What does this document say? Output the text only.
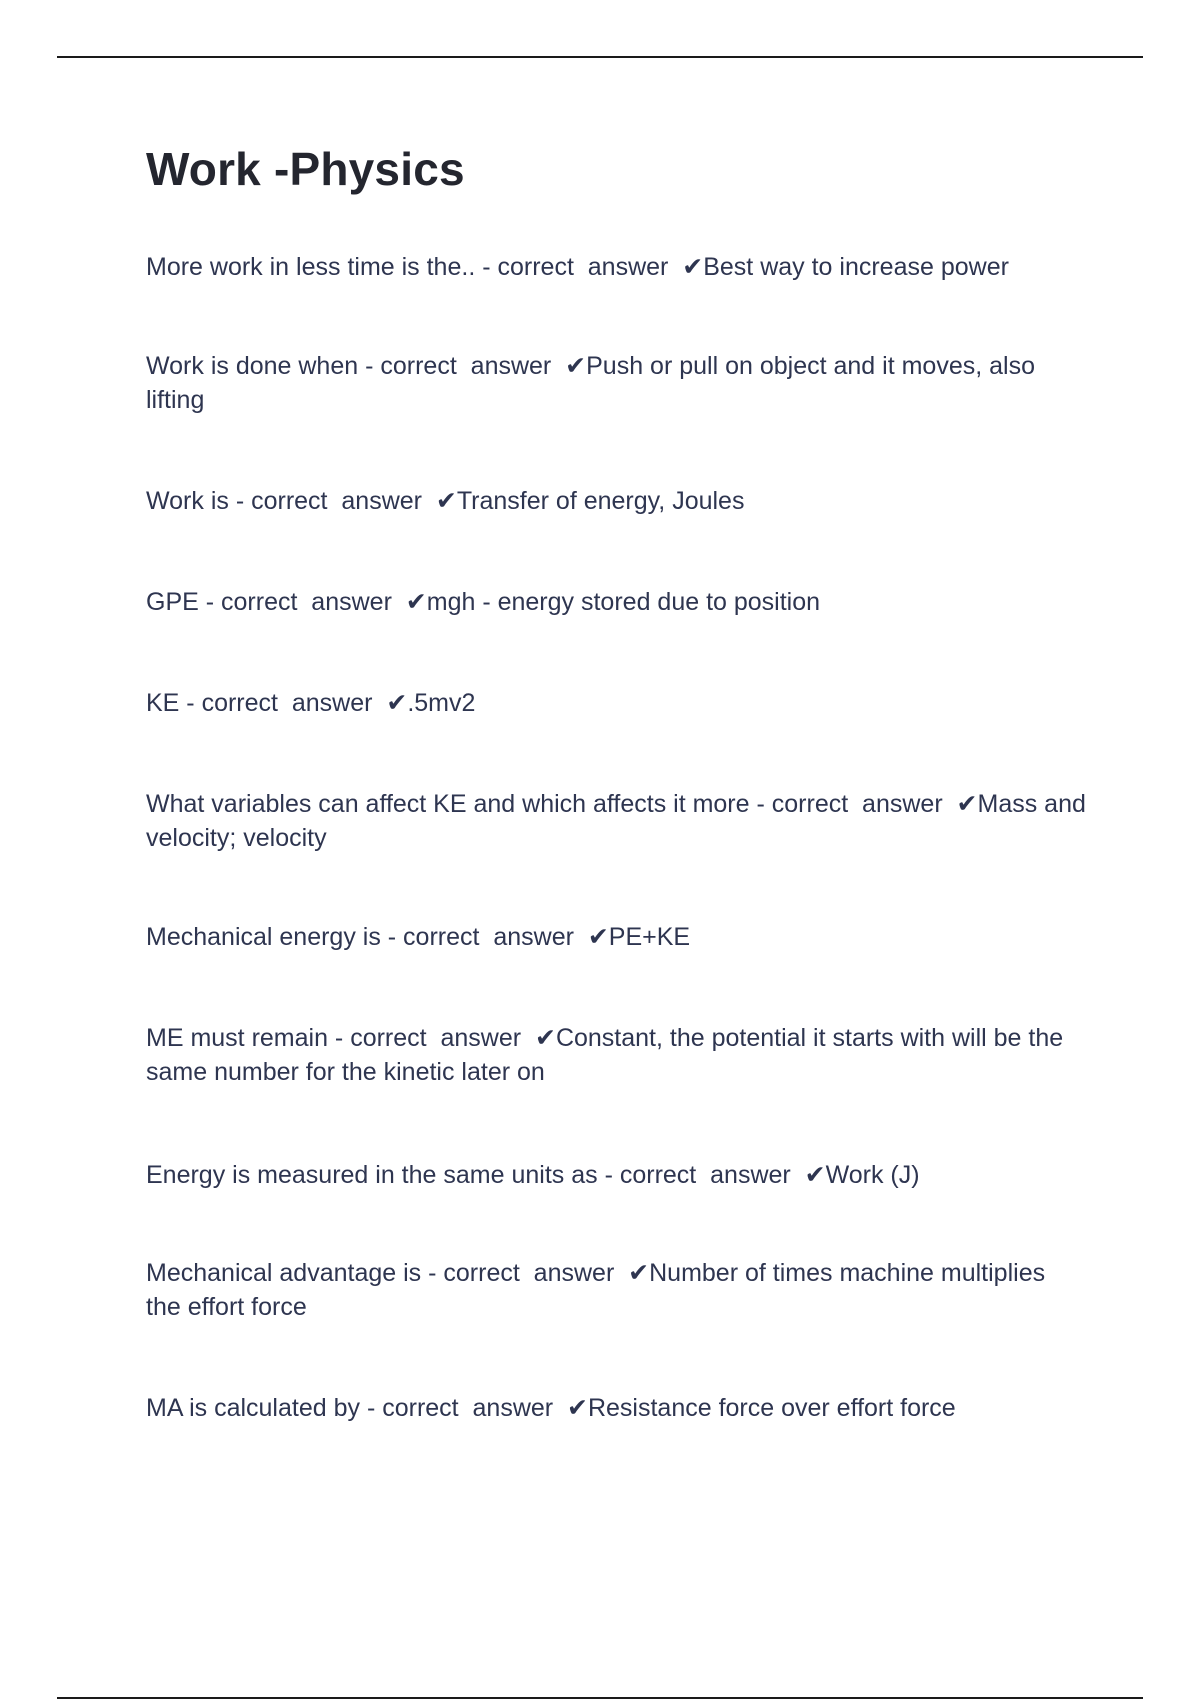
Work -Physics

More work in less time is the.. - correct  answer  ✔Best way to increase power

Work is done when - correct  answer  ✔Push or pull on object and it moves, also lifting

Work is - correct  answer  ✔Transfer of energy, Joules

GPE - correct  answer  ✔mgh - energy stored due to position

KE - correct  answer  ✔.5mv2

What variables can affect KE and which affects it more - correct  answer  ✔Mass and velocity; velocity

Mechanical energy is - correct  answer  ✔PE+KE

ME must remain - correct  answer  ✔Constant, the potential it starts with will be the same number for the kinetic later on

Energy is measured in the same units as - correct  answer  ✔Work (J)

Mechanical advantage is - correct  answer  ✔Number of times machine multiplies the effort force

MA is calculated by - correct  answer  ✔Resistance force over effort force
